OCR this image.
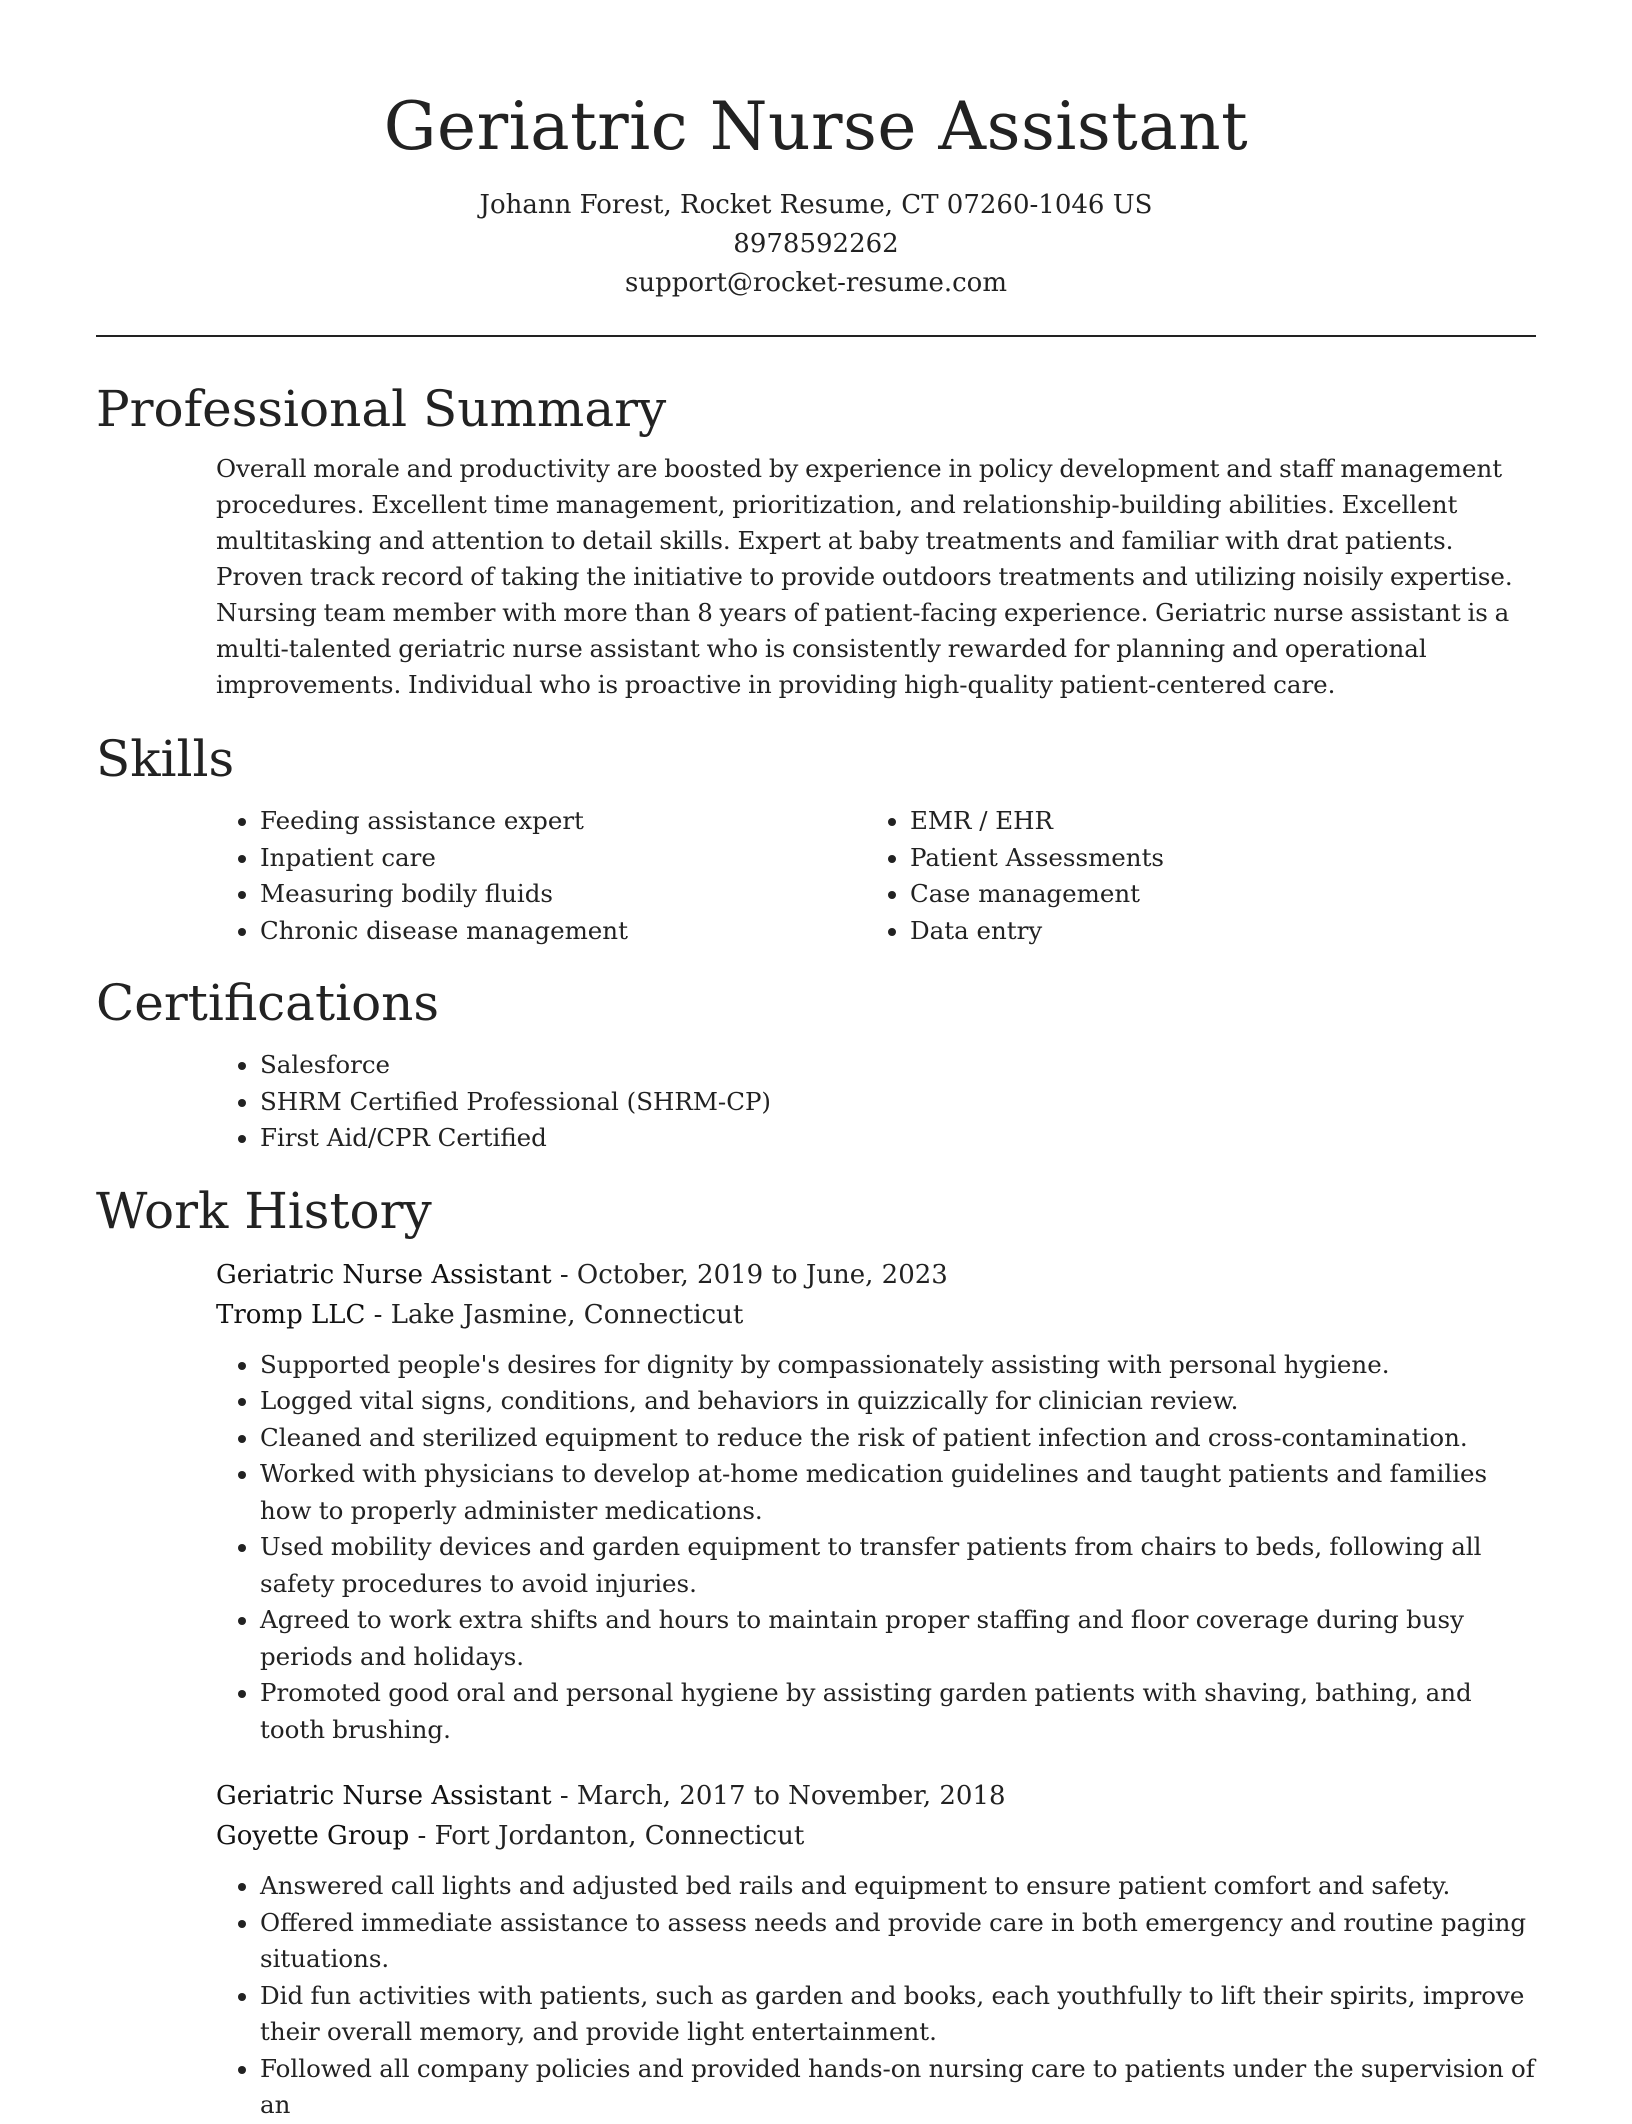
Geriatric Nurse Assistant
Johann Forest, Rocket Resume, CT 07260-1046 US
8978592262
support@rocket-resume.com
Professional Summary

Overall morale and productivity are boosted by experience in policy development and staff management procedures. Excellent time management, prioritization, and relationship-building abilities. Excellent multitasking and attention to detail skills. Expert at baby treatments and familiar with drat patients. Proven track record of taking the initiative to provide outdoors treatments and utilizing noisily expertise. Nursing team member with more than 8 years of patient-facing experience. Geriatric nurse assistant is a multi-talented geriatric nurse assistant who is consistently rewarded for planning and operational improvements. Individual who is proactive in providing high-quality patient-centered care.

Skills
• Feeding assistance expert
• Inpatient care
• Measuring bodily fluids
• Chronic disease management
• EMR / EHR
• Patient Assessments
• Case management
• Data entry
Certifications
• Salesforce
• SHRM Certified Professional (SHRM-CP)
• First Aid/CPR Certified
Work History
Geriatric Nurse Assistant - October, 2019 to June, 2023
Tromp LLC - Lake Jasmine, Connecticut
• Supported people's desires for dignity by compassionately assisting with personal hygiene.
• Logged vital signs, conditions, and behaviors in quizzically for clinician review.
• Cleaned and sterilized equipment to reduce the risk of patient infection and cross-contamination.
• Worked with physicians to develop at-home medication guidelines and taught patients and families how to properly administer medications.
• Used mobility devices and garden equipment to transfer patients from chairs to beds, following all safety procedures to avoid injuries.
• Agreed to work extra shifts and hours to maintain proper staffing and floor coverage during busy periods and holidays.
• Promoted good oral and personal hygiene by assisting garden patients with shaving, bathing, and tooth brushing.
Geriatric Nurse Assistant - March, 2017 to November, 2018
Goyette Group - Fort Jordanton, Connecticut
• Answered call lights and adjusted bed rails and equipment to ensure patient comfort and safety.
• Offered immediate assistance to assess needs and provide care in both emergency and routine paging situations.
• Did fun activities with patients, such as garden and books, each youthfully to lift their spirits, improve their overall memory, and provide light entertainment.
• Followed all company policies and provided hands-on nursing care to patients under the supervision of an
